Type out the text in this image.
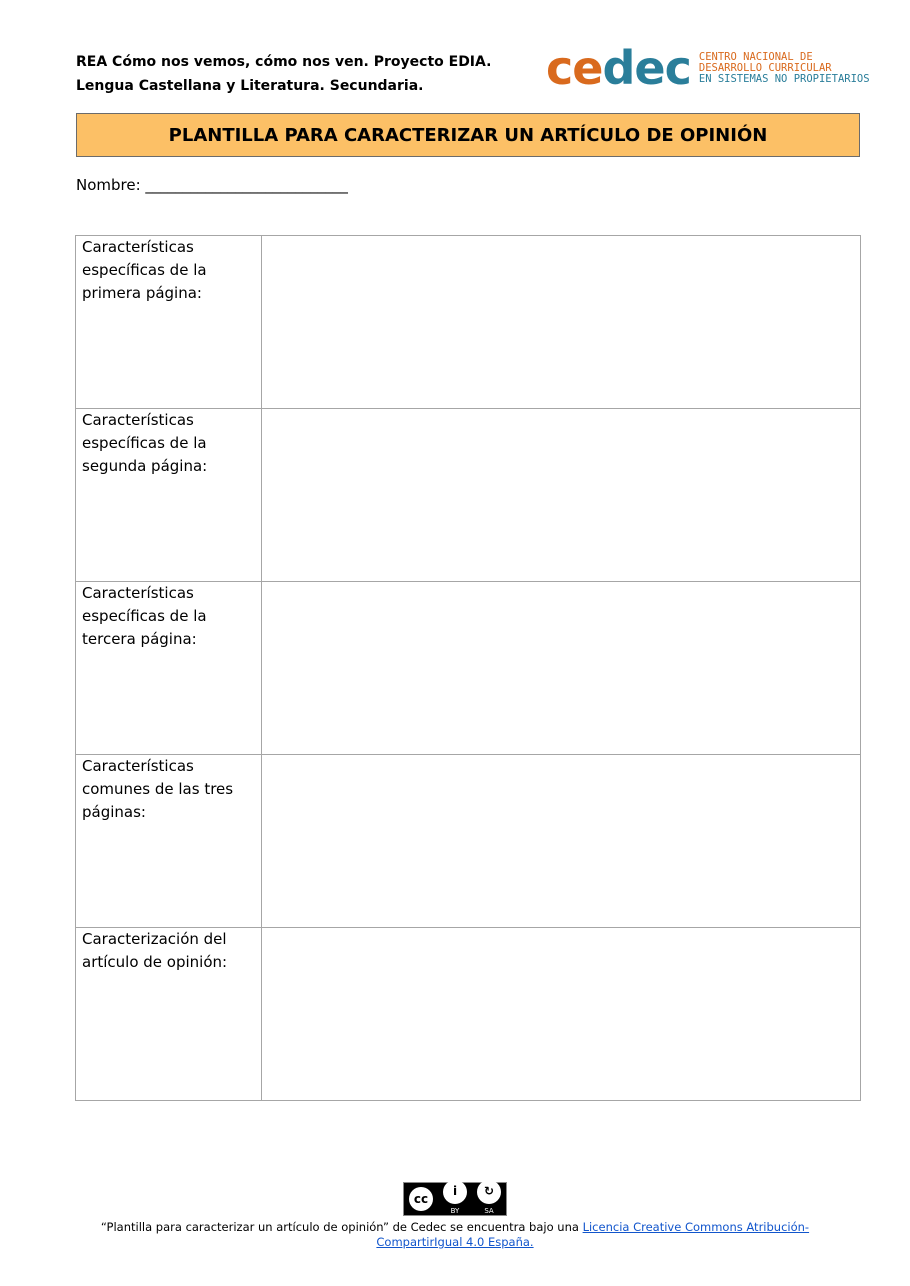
REA Cómo nos vemos, cómo nos ven. Proyecto EDIA.
Lengua Castellana y Literatura. Secundaria.	cedec CENTRO NACIONAL DE
DESARROLLO CURRICULAR
EN SISTEMAS NO PROPIETARIOS
PLANTILLA PARA CARACTERIZAR UN ARTÍCULO DE OPINIÓN
Nombre: ___________________________
Características específicas de la primera página:	
Características específicas de la segunda página:	
Características específicas de la tercera página:	
Características comunes de las tres páginas:	
Caracterización del artículo de opinión:	
cc
i
BY
↻
SA
“Plantilla para caracterizar un artículo de opinión” de Cedec se encuentra bajo una Licencia Creative Commons Atribución-CompartirIgual 4.0 España.
